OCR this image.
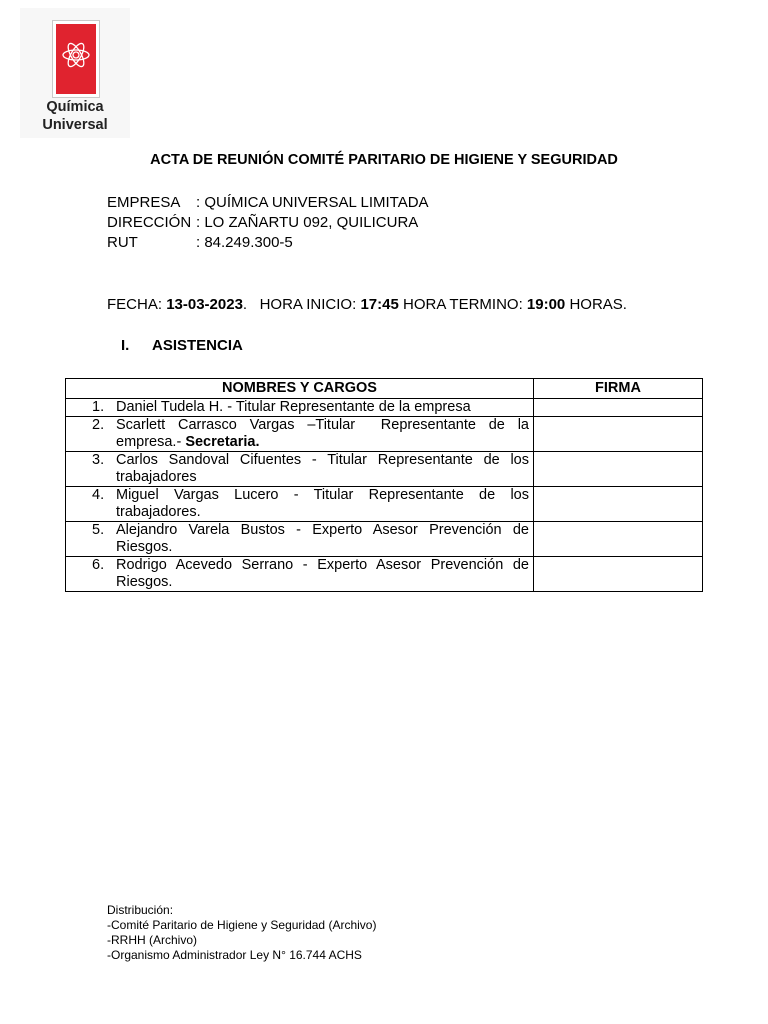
Química
Universal
ACTA DE REUNIÓN COMITÉ PARITARIO DE HIGIENE Y SEGURIDAD
EMPRESA : QUÍMICA UNIVERSAL LIMITADA
DIRECCIÓN : LO ZAÑARTU 092, QUILICURA
RUT	: 84.249.300-5
FECHA: 13-03-2023.   HORA INICIO: 17:45 HORA TERMINO: 19:00 HORAS.
I. ASISTENCIA
NOMBRES Y CARGOS	FIRMA

1. Daniel Tudela H. - Titular Representante de la empresa	

2. Scarlett Carrasco Vargas –Titular  Representante de la empresa.- Secretaria.	

3. Carlos Sandoval Cifuentes - Titular Representante de los trabajadores	

4. Miguel Vargas Lucero - Titular Representante de los trabajadores.	

5. Alejandro Varela Bustos - Experto Asesor Prevención de Riesgos.	

6. Rodrigo Acevedo Serrano - Experto Asesor Prevención de Riesgos.	
Distribución:
-Comité Paritario de Higiene y Seguridad (Archivo)
-RRHH (Archivo)
-Organismo Administrador Ley N° 16.744 ACHS
